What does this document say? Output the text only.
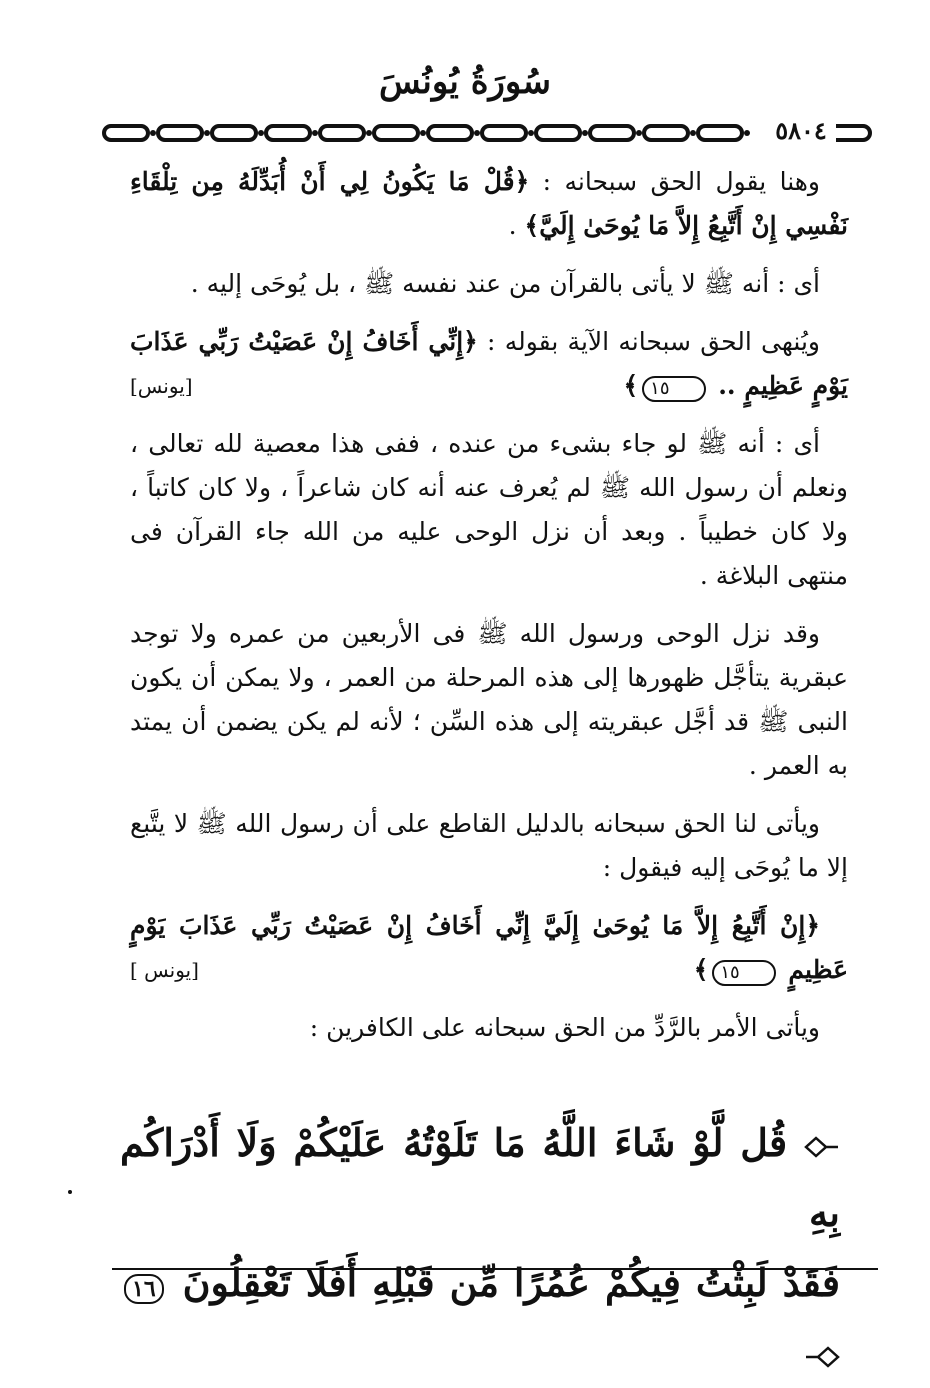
سُورَةُ يُونُسَ
٥٨٠٤

وهنا يقول الحق سبحانه : ﴿قُلْ مَا يَكُونُ لِي أَنْ أُبَدِّلَهُ مِن تِلْقَاءِ نَفْسِي إِنْ أَتَّبِعُ إِلاَّ مَا يُوحَىٰ إِلَيَّ﴾ .

أى : أنه ﷺ لا يأتى بالقرآن من عند نفسه ﷺ ، بل يُوحَى إليه .

ويُنهى الحق سبحانه الآية بقوله : ﴿إِنِّي أَخَافُ إِنْ عَصَيْتُ رَبِّي عَذَابَ يَوْمٍ عَظِيمٍ .. ١٥﴾
[يونس]

أى : أنه ﷺ لو جاء بشىء من عنده ، ففى هذا معصية لله تعالى ، ونعلم أن رسول الله ﷺ لم يُعرف عنه أنه كان شاعراً ، ولا كان كاتباً ، ولا كان خطيباً . وبعد أن نزل الوحى عليه من الله جاء القرآن فى منتهى البلاغة .

وقد نزل الوحى ورسول الله ﷺ فى الأربعين من عمره ولا توجد عبقرية يتأجَّل ظهورها إلى هذه المرحلة من العمر ، ولا يمكن أن يكون النبى ﷺ قد أجَّل عبقريته إلى هذه السِّن ؛ لأنه لم يكن يضمن أن يمتد به العمر .

ويأتى لنا الحق سبحانه بالدليل القاطع على أن رسول الله ﷺ لا يتَّبع إلا ما يُوحَى إليه فيقول :

﴿إِنْ أَتَّبِعُ إِلاَّ مَا يُوحَىٰ إِلَيَّ إِنِّي أَخَافُ إِنْ عَصَيْتُ رَبِّي عَذَابَ يَوْمٍ عَظِيمٍ ١٥﴾
[يونس ]

ويأتى الأمر بالرَّدِّ من الحق سبحانه على الكافرين :

قُل لَّوْ شَاءَ اللَّهُ مَا تَلَوْتُهُ عَلَيْكُمْ وَلَا أَدْرَاكُم بِهِ

فَقَدْ لَبِثْتُ فِيكُمْ عُمُرًا مِّن قَبْلِهِ أَفَلَا تَعْقِلُونَ ١٦
